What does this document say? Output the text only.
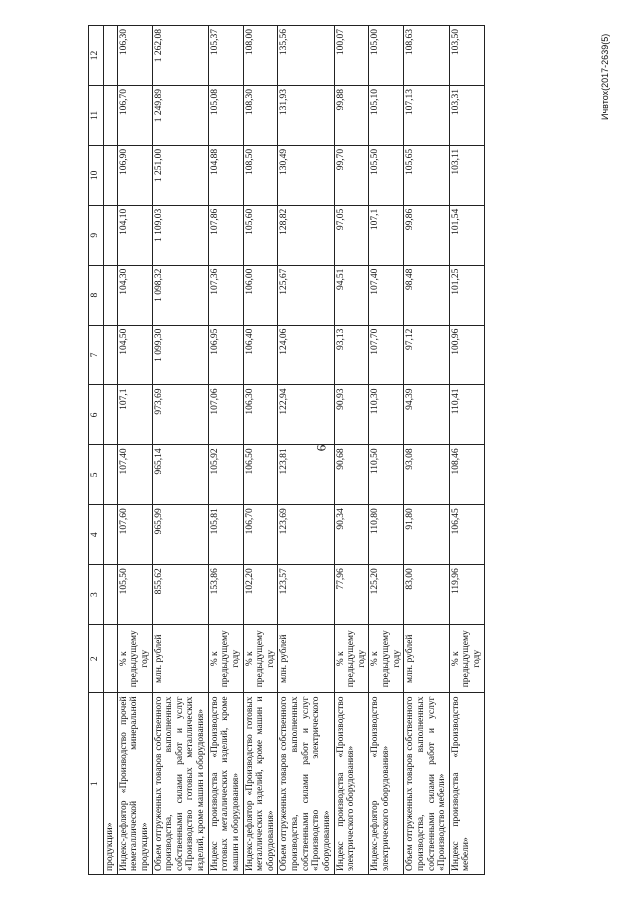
6
Ичвтох(2017-2639(5)
1	2	3	4	5	6	7	8	9	10	11	12
продукции»											
Индекс-дефлятор «Производство прочей неметаллической минеральной продукции»	% к предыдущему году	105,50	107,60	107,40	107,1	104,50	104,30	104,10	106,90	106,70	106,30
Объем отгруженных товаров собственного производства, выполненных собственными силами работ и услуг «Производство готовых металлических изделий, кроме машин и оборудования»	млн. рублей	855,62	965,99	965,14	973,69	1 099,30	1 098,32	1 109,03	1 251,00	1 249,89	1 262,08
Индекс производства «Производство готовых металлических изделий, кроме машин и оборудования»	% к предыдущему году	153,86	105,81	105,92	107,06	106,95	107,36	107,86	104,88	105,08	105,37
Индекс-дефлятор «Производство готовых металлических изделий, кроме машин и оборудования»	% к предыдущему году	102,20	106,70	106,50	106,30	106,40	106,00	105,60	108,50	108,30	108,00
Объем отгруженных товаров собственного производства, выполненных собственными силами работ и услуг «Производство электрического оборудования»	млн. рублей	123,57	123,69	123,81	122,94	124,06	125,67	128,82	130,49	131,93	135,56
Индекс производства «Производство электрического оборудования»	% к предыдущему году	77,96	90,34	90,68	90,93	93,13	94,51	97,05	99,70	99,88	100,07
Индекс-дефлятор «Производство электрического оборудования»	% к предыдущему году	125,20	110,80	110,50	110,30	107,70	107,40	107,1	105,50	105,10	105,00
Объем отгруженных товаров собственного производства, выполненных собственными силами работ и услуг «Производство мебели»	млн. рублей	83,00	91,80	93,08	94,39	97,12	98,48	99,86	105,65	107,13	108,63
Индекс производства «Производство мебели»	% к предыдущему году	119,96	106,45	108,46	110,41	100,96	101,25	101,54	103,11	103,31	103,50
